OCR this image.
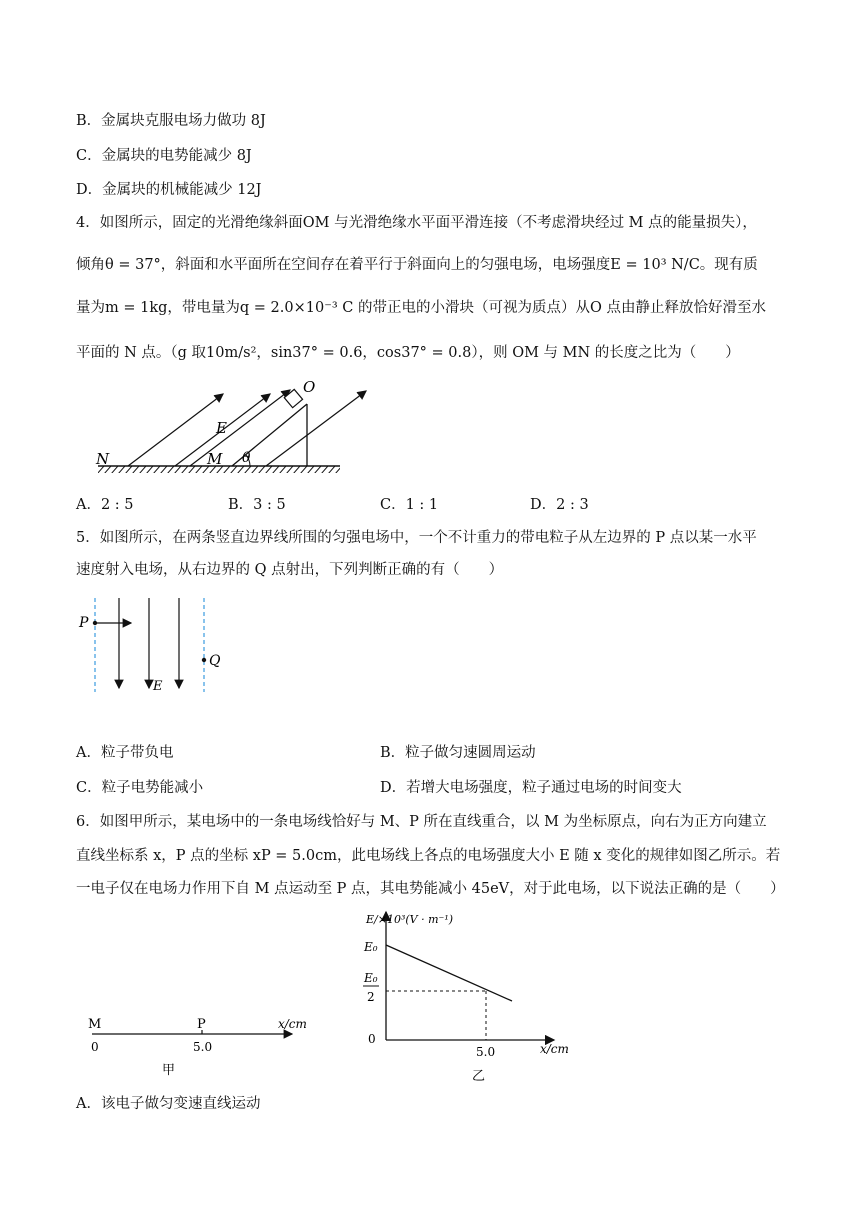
B．金属块克服电场力做功 8J
C．金属块的电势能减少 8J
D．金属块的机械能减少 12J
4．如图所示，固定的光滑绝缘斜面OM 与光滑绝缘水平面平滑连接（不考虑滑块经过 M 点的能量损失），
倾角θ = 37°，斜面和水平面所在空间存在着平行于斜面向上的匀强电场，电场强度E = 10³ N/C。现有质
量为m = 1kg，带电量为q = 2.0×10⁻³ C 的带正电的小滑块（可视为质点）从O 点由静止释放恰好滑至水
平面的 N 点。（g 取10m/s²，sin37° = 0.6，cos37° = 0.8），则 OM 与 MN 的长度之比为（　　）
N	M
O
E
θ
A．2 : 5	B．3 : 5	C．1 : 1	D．2 : 3
5．如图所示，在两条竖直边界线所围的匀强电场中，一个不计重力的带电粒子从左边界的 P 点以某一水平
速度射入电场，从右边界的 Q 点射出，下列判断正确的有（　　）
P
Q
E
A．粒子带负电	B．粒子做匀速圆周运动
C．粒子电势能减小	D．若增大电场强度，粒子通过电场的时间变大
6．如图甲所示，某电场中的一条电场线恰好与 M、P 所在直线重合，以 M 为坐标原点，向右为正方向建立
直线坐标系 x，P 点的坐标 xP = 5.0cm，此电场线上各点的电场强度大小 E 随 x 变化的规律如图乙所示。若
一电子仅在电场力作用下自 M 点运动至 P 点，其电势能减小 45eV，对于此电场，以下说法正确的是（　　）
M	P
0	5.0
x/cm
甲
E/×10³(V · m⁻¹)
E₀
E₀
2
0
5.0	x/cm
乙
A．该电子做匀变速直线运动
